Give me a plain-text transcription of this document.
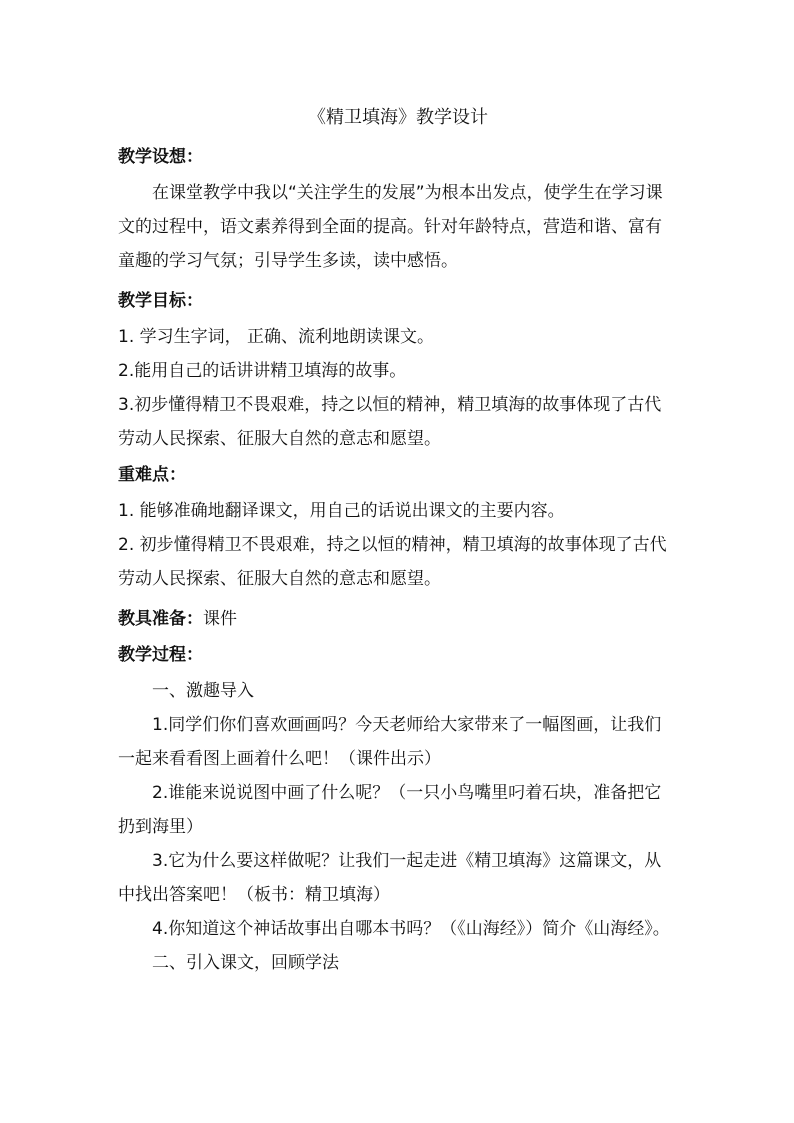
《精卫填海》教学设计
教学设想：

在课堂教学中我以“关注学生的发展”为根本出发点，使学生在学习课文的过程中，语文素养得到全面的提高。针对年龄特点，营造和谐、富有童趣的学习气氛；引导学生多读，读中感悟。

教学目标：

1. 学习生字词， 正确、流利地朗读课文。

2.能用自己的话讲讲精卫填海的故事。

3.初步懂得精卫不畏艰难，持之以恒的精神，精卫填海的故事体现了古代劳动人民探索、征服大自然的意志和愿望。

重难点：

1. 能够准确地翻译课文，用自己的话说出课文的主要内容。

2. 初步懂得精卫不畏艰难，持之以恒的精神，精卫填海的故事体现了古代劳动人民探索、征服大自然的意志和愿望。

教具准备：课件

教学过程：

一、激趣导入

1.同学们你们喜欢画画吗？今天老师给大家带来了一幅图画，让我们一起来看看图上画着什么吧！（课件出示）

2.谁能来说说图中画了什么呢？（一只小鸟嘴里叼着石块，准备把它扔到海里）

3.它为什么要这样做呢？让我们一起走进《精卫填海》这篇课文，从中找出答案吧！（板书：精卫填海）

4.你知道这个神话故事出自哪本书吗？（《山海经》）简介《山海经》。

二、引入课文，回顾学法
